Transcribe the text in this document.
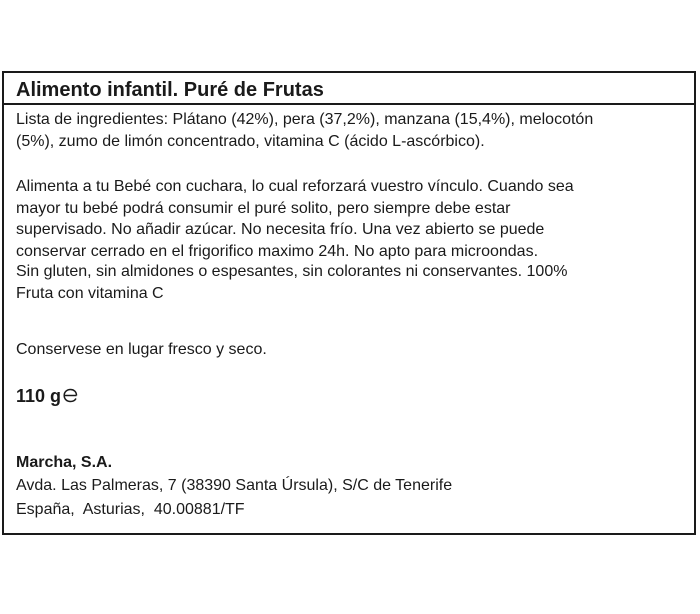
Alimento infantil. Puré de Frutas

Lista de ingredientes: Plátano (42%), pera (37,2%), manzana (15,4%), melocotón
(5%), zumo de limón concentrado, vitamina C (ácido L-ascórbico).

Alimenta a tu Bebé con cuchara, lo cual reforzará vuestro vínculo. Cuando sea
mayor tu bebé podrá consumir el puré solito, pero siempre debe estar
supervisado. No añadir azúcar. No necesita frío. Una vez abierto se puede
conservar cerrado en el frigorifico maximo 24h. No apto para microondas.

Sin gluten, sin almidones o espesantes, sin colorantes ni conservantes. 100%
Fruta con vitamina C

Conservese en lugar fresco y seco.

110 g

Marcha, S.A.

Avda. Las Palmeras, 7 (38390 Santa Úrsula), S/C de Tenerife

España,  Asturias,  40.00881/TF
